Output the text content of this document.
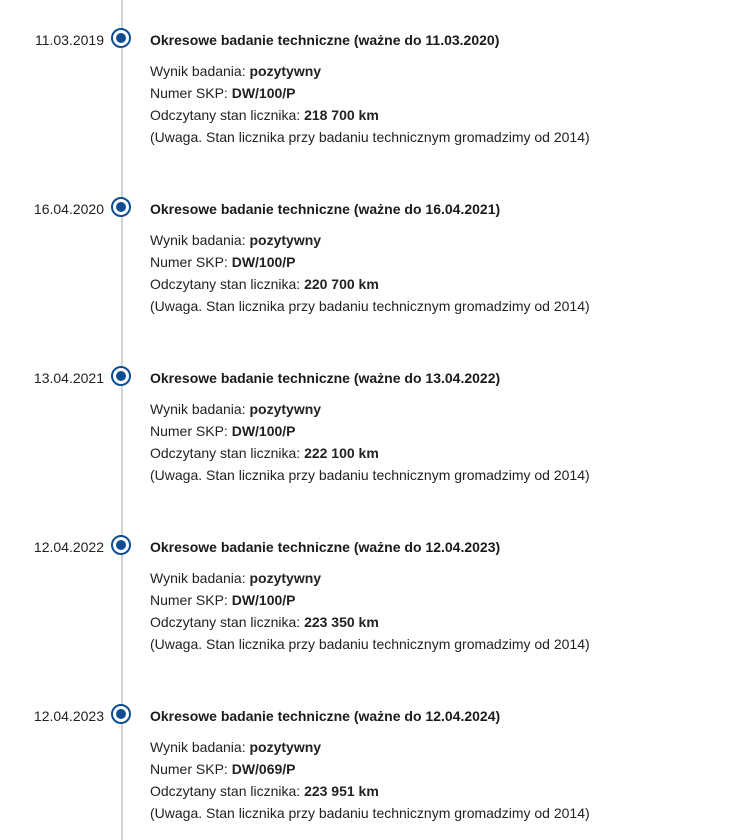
11.03.2019	Okresowe badanie techniczne (ważne do 11.03.2020)
Wynik badania: pozytywny
Numer SKP: DW/100/P
Odczytany stan licznika: 218 700 km
(Uwaga. Stan licznika przy badaniu technicznym gromadzimy od 2014)
16.04.2020	Okresowe badanie techniczne (ważne do 16.04.2021)
Wynik badania: pozytywny
Numer SKP: DW/100/P
Odczytany stan licznika: 220 700 km
(Uwaga. Stan licznika przy badaniu technicznym gromadzimy od 2014)
13.04.2021	Okresowe badanie techniczne (ważne do 13.04.2022)
Wynik badania: pozytywny
Numer SKP: DW/100/P
Odczytany stan licznika: 222 100 km
(Uwaga. Stan licznika przy badaniu technicznym gromadzimy od 2014)
12.04.2022	Okresowe badanie techniczne (ważne do 12.04.2023)
Wynik badania: pozytywny
Numer SKP: DW/100/P
Odczytany stan licznika: 223 350 km
(Uwaga. Stan licznika przy badaniu technicznym gromadzimy od 2014)
12.04.2023	Okresowe badanie techniczne (ważne do 12.04.2024)
Wynik badania: pozytywny
Numer SKP: DW/069/P
Odczytany stan licznika: 223 951 km
(Uwaga. Stan licznika przy badaniu technicznym gromadzimy od 2014)
